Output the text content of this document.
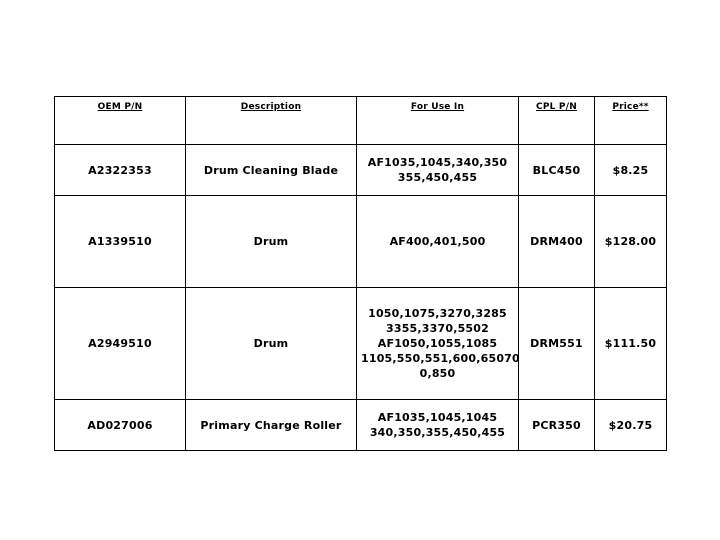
OEM P/N	Description	For Use In	CPL P/N	Price**
A2322353	Drum Cleaning Blade	AF1035,1045,340,350
355,450,455	BLC450	$8.25
A1339510	Drum	AF400,401,500	DRM400	$128.00
A2949510	Drum	1050,1075,3270,3285
3355,3370,5502
AF1050,1055,1085
1105,550,551,600,65070
0,850	DRM551	$111.50
AD027006	Primary Charge Roller	AF1035,1045,1045
340,350,355,450,455	PCR350	$20.75
